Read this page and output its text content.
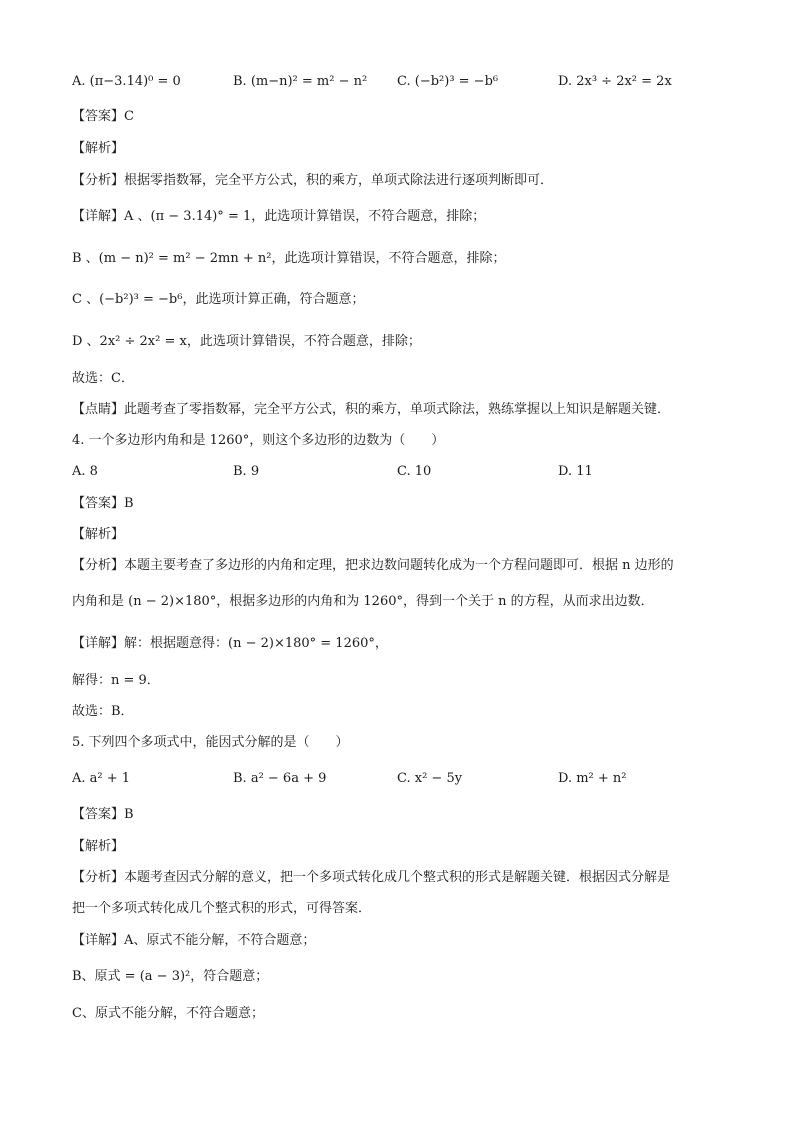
A. (π−3.14)⁰ = 0	B. (m−n)² = m² − n² C. (−b²)³ = −b⁶	D. 2x³ ÷ 2x² = 2x
【答案】C
【解析】
【分析】根据零指数幂，完全平方公式，积的乘方，单项式除法进行逐项判断即可．
【详解】A 、(π − 3.14)° = 1，此选项计算错误，不符合题意，排除；
B 、(m − n)² = m² − 2mn + n²，此选项计算错误，不符合题意，排除；
C 、(−b²)³ = −b⁶，此选项计算正确，符合题意；
D 、2x² ÷ 2x² = x，此选项计算错误，不符合题意，排除；
故选：C．
【点睛】此题考查了零指数幂，完全平方公式，积的乘方，单项式除法，熟练掌握以上知识是解题关键．
4. 一个多边形内角和是 1260°，则这个多边形的边数为（　　）
A. 8	B. 9	C. 10	D. 11
【答案】B
【解析】
【分析】本题主要考查了多边形的内角和定理，把求边数问题转化成为一个方程问题即可．根据 n 边形的
内角和是 (n − 2)×180°，根据多边形的内角和为 1260°，得到一个关于 n 的方程，从而求出边数．
【详解】解：根据题意得：(n − 2)×180° = 1260°，
解得：n = 9．
故选：B．
5. 下列四个多项式中，能因式分解的是（　　）
A. a² + 1	B. a² − 6a + 9	C. x² − 5y	D. m² + n²
【答案】B
【解析】
【分析】本题考查因式分解的意义，把一个多项式转化成几个整式积的形式是解题关键．根据因式分解是
把一个多项式转化成几个整式积的形式，可得答案．
【详解】A、原式不能分解，不符合题意；
B、原式 = (a − 3)²，符合题意；
C、原式不能分解，不符合题意；
